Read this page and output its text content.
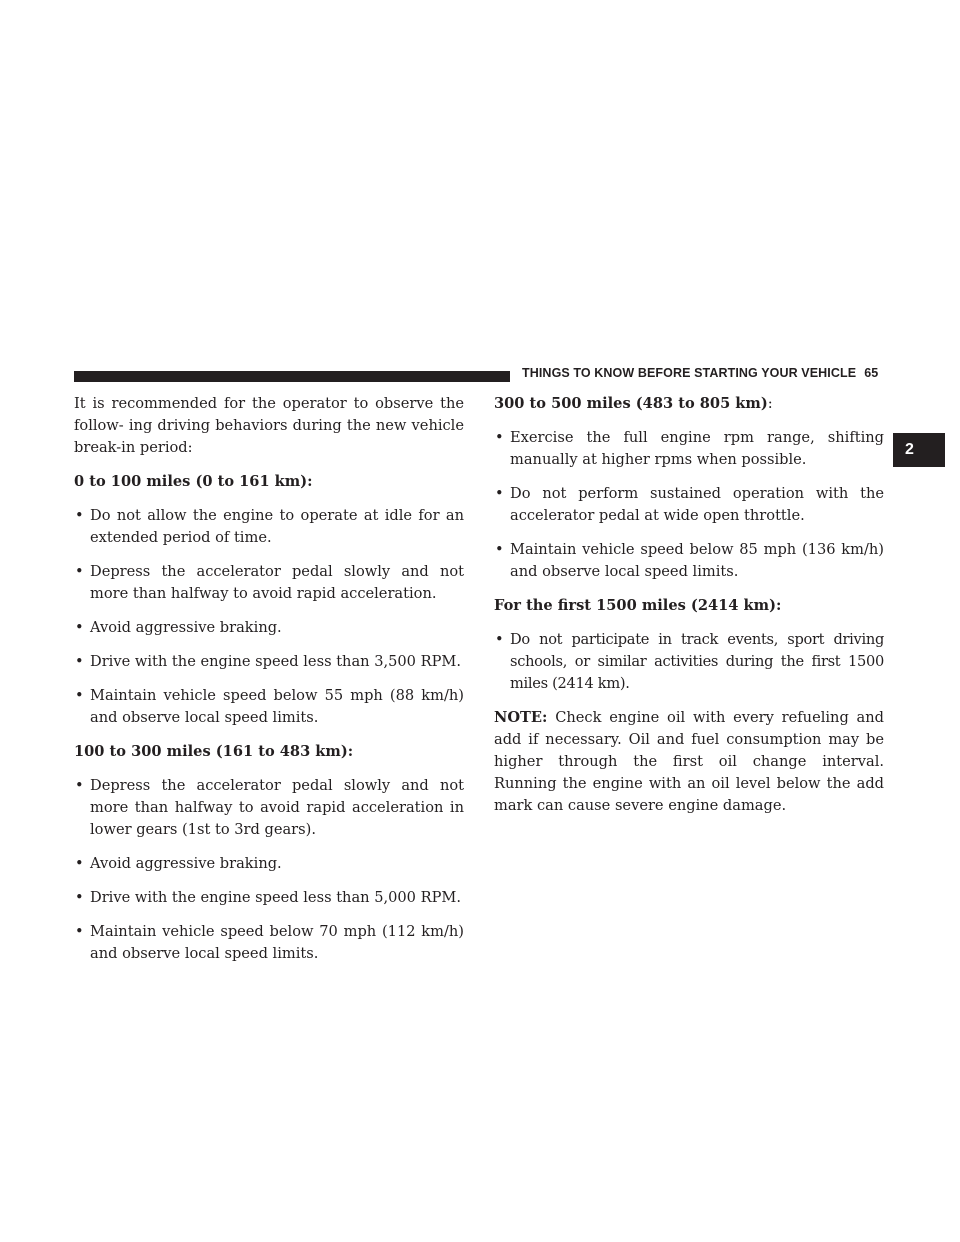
THINGS TO KNOW BEFORE STARTING YOUR VEHICLE 65
2

It is recommended for the operator to observe the follow- ing driving behaviors during the new vehicle break-in period:

0 to 100 miles (0 to 161 km):
• Do not allow the engine to operate at idle for an extended period of time.
• Depress the accelerator pedal slowly and not more than halfway to avoid rapid acceleration.
• Avoid aggressive braking.
• Drive with the engine speed less than 3,500 RPM.
• Maintain vehicle speed below 55 mph (88 km/h) and observe local speed limits.
100 to 300 miles (161 to 483 km):
• Depress the accelerator pedal slowly and not more than halfway to avoid rapid acceleration in lower gears (1st to 3rd gears).
• Avoid aggressive braking.
• Drive with the engine speed less than 5,000 RPM.
• Maintain vehicle speed below 70 mph (112 km/h) and observe local speed limits.
300 to 500 miles (483 to 805 km):
• Exercise the full engine rpm range, shifting manually at higher rpms when possible.
• Do not perform sustained operation with the accelerator pedal at wide open throttle.
• Maintain vehicle speed below 85 mph (136 km/h) and observe local speed limits.
For the first 1500 miles (2414 km):
• Do not participate in track events, sport driving schools, or similar activities during the first 1500 miles (2414 km).

NOTE: Check engine oil with every refueling and add if necessary. Oil and fuel consumption may be higher through the first oil change interval. Running the engine with an oil level below the add mark can cause severe engine damage.
